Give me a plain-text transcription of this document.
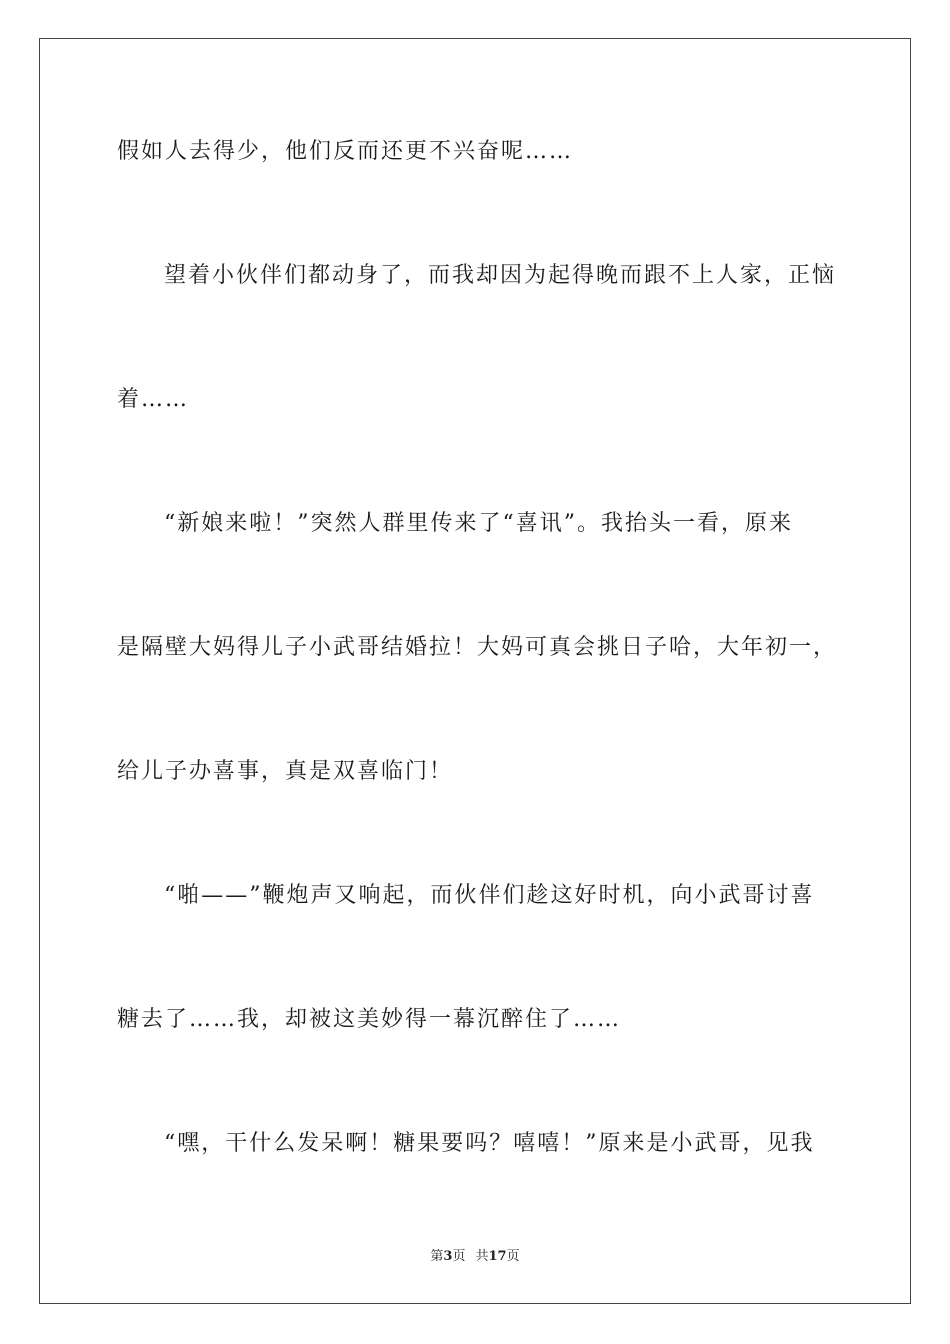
假如人去得少，他们反而还更不兴奋呢……
望着小伙伴们都动身了，而我却因为起得晚而跟不上人家，正恼
着……
“新娘来啦！”突然人群里传来了“喜讯”。我抬头一看，原来
是隔壁大妈得儿子小武哥结婚拉！大妈可真会挑日子哈，大年初一，
给儿子办喜事，真是双喜临门！
“啪——”鞭炮声又响起，而伙伴们趁这好时机，向小武哥讨喜
糖去了……我，却被这美妙得一幕沉醉住了……
“嘿，干什么发呆啊！糖果要吗？嘻嘻！”原来是小武哥，见我
第3页 共17页
